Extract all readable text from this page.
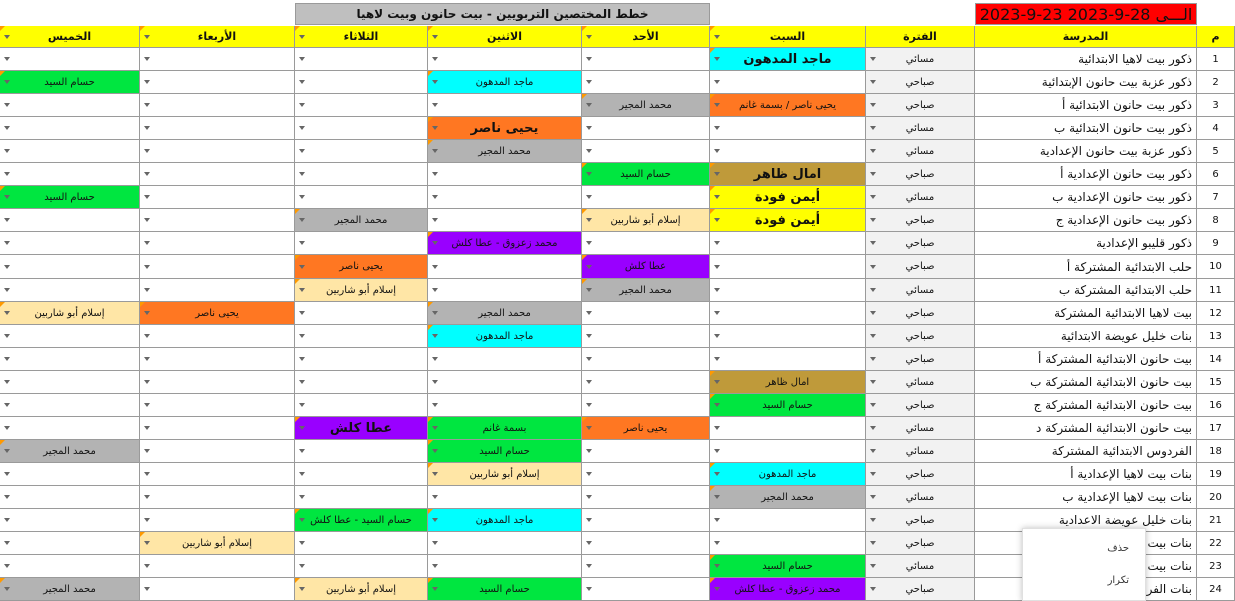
خطط المختصين التربويين - بيت حانون وبيت لاهيا	2023-9-23 الـــى 28-9-2023
م
المدرسة
الفترة
السبت
الأحد
الاثنين
الثلاثاء
الأربعاء
الخميس
1
ذكور بيت لاهيا الابتدائية
مسائي
ماجد المدهون
2
ذكور عزبة بيت حانون الإبتدائية
صباحي
ماجد المدهون
حسام السيد
3
ذكور بيت حانون الابتدائية أ
صباحي
يحيى ناصر / بسمة غانم
محمد المجير
4
ذكور بيت حانون الابتدائية ب
مسائي
يحيى ناصر
5
ذكور عزبة بيت حانون الإعدادية
مسائي
محمد المجير
6
ذكور بيت حانون الإعدادية أ
صباحي
امال ظاهر
حسام السيد
7
ذكور بيت حانون الإعدادية ب
مسائي
أيمن فودة
حسام السيد
8
ذكور بيت حانون الإعدادية ج
صباحي
أيمن فودة
إسلام أبو شاربين
محمد المجير
9
ذكور قليبو الإعدادية
صباحي
محمد زعزوق - عطا كلش
10
حلب الابتدائية المشتركة أ
صباحي
عطا كلش
يحيى ناصر
11
حلب الابتدائية المشتركة ب
مسائي
محمد المجير
إسلام أبو شاربين
12
بيت لاهيا الابتدائية المشتركة
صباحي
محمد المجير
يحيى ناصر
إسلام أبو شاربين
13
بنات خليل عويضة الابتدائية
صباحي
ماجد المدهون
14
بيت حانون الابتدائية المشتركة أ
صباحي
15
بيت حانون الابتدائية المشتركة ب
مسائي
امال ظاهر
16
بيت حانون الابتدائية المشتركة ج
صباحي
حسام السيد
17
بيت حانون الابتدائية المشتركة د
مسائي
يحيى ناصر
بسمة غانم
عطا كلش
18
الفردوس الابتدائية المشتركة
مسائي
حسام السيد
محمد المجير
19
بنات بيت لاهيا الإعدادية أ
صباحي
ماجد المدهون
إسلام أبو شاربين
20
بنات بيت لاهيا الإعدادية ب
مسائي
محمد المجير
21
بنات خليل عويضة الاعدادية
صباحي
ماجد المدهون
حسام السيد - عطا كلش
22
بنات بيت
صباحي
إسلام أبو شاربين
23
بنات بيت
مسائي
حسام السيد
24
بنات الفر
صباحي
محمد زعزوق - عطا كلش
حسام السيد
إسلام أبو شاربين
محمد المجير
حذف
تكرار
